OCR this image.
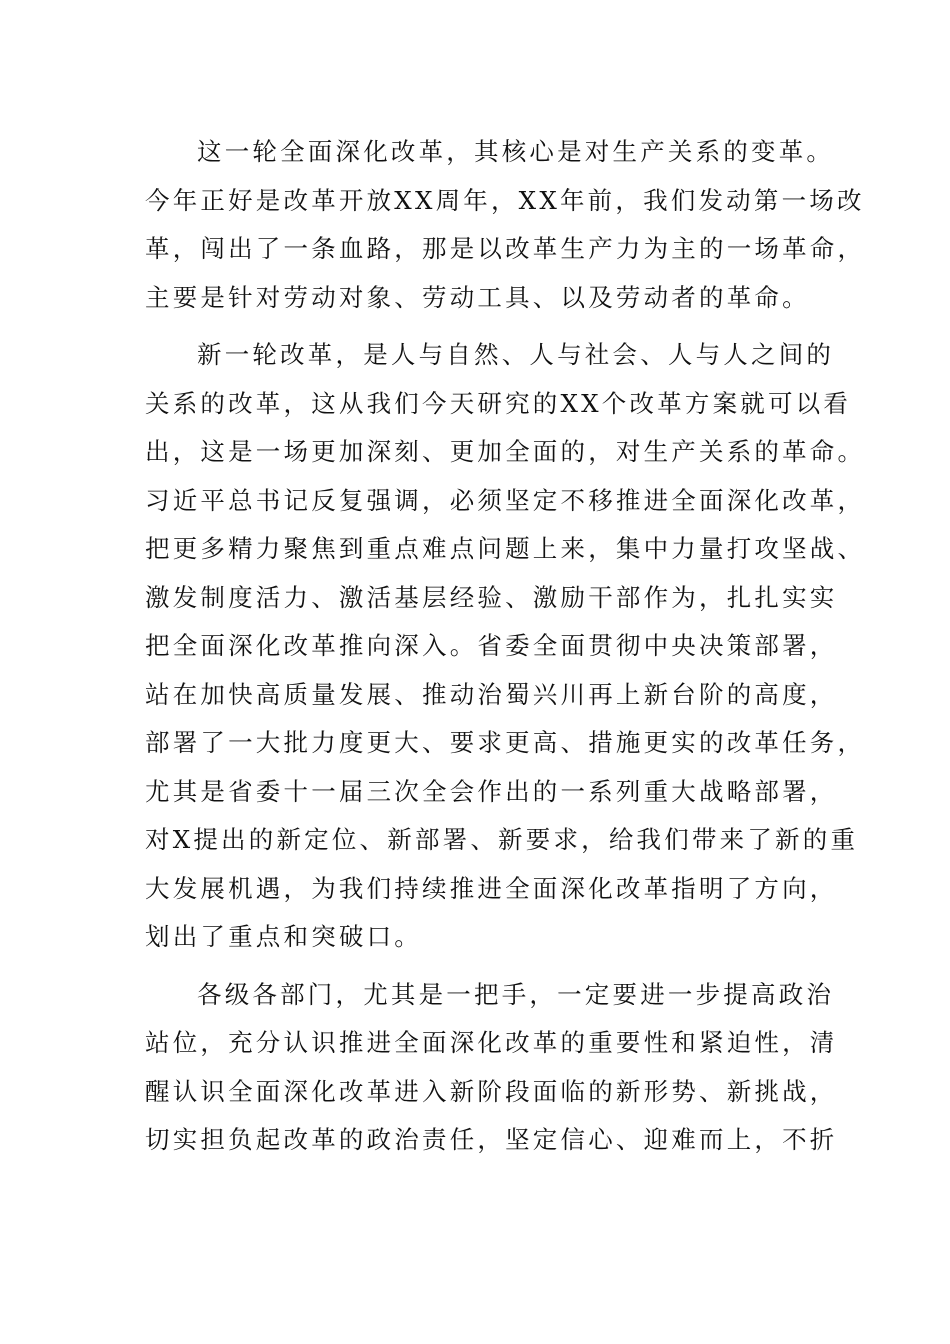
这一轮全面深化改革，其核心是对生产关系的变革。
今年正好是改革开放XX周年，XX年前，我们发动第一场改
革，闯出了一条血路，那是以改革生产力为主的一场革命，
主要是针对劳动对象、劳动工具、以及劳动者的革命。
新一轮改革，是人与自然、人与社会、人与人之间的
关系的改革，这从我们今天研究的XX个改革方案就可以看
出，这是一场更加深刻、更加全面的，对生产关系的革命。
习近平总书记反复强调，必须坚定不移推进全面深化改革，
把更多精力聚焦到重点难点问题上来，集中力量打攻坚战、
激发制度活力、激活基层经验、激励干部作为，扎扎实实
把全面深化改革推向深入。省委全面贯彻中央决策部署，
站在加快高质量发展、推动治蜀兴川再上新台阶的高度，
部署了一大批力度更大、要求更高、措施更实的改革任务，
尤其是省委十一届三次全会作出的一系列重大战略部署，
对X提出的新定位、新部署、新要求，给我们带来了新的重
大发展机遇，为我们持续推进全面深化改革指明了方向，
划出了重点和突破口。
各级各部门，尤其是一把手，一定要进一步提高政治
站位，充分认识推进全面深化改革的重要性和紧迫性，清
醒认识全面深化改革进入新阶段面临的新形势、新挑战，
切实担负起改革的政治责任，坚定信心、迎难而上，不折
